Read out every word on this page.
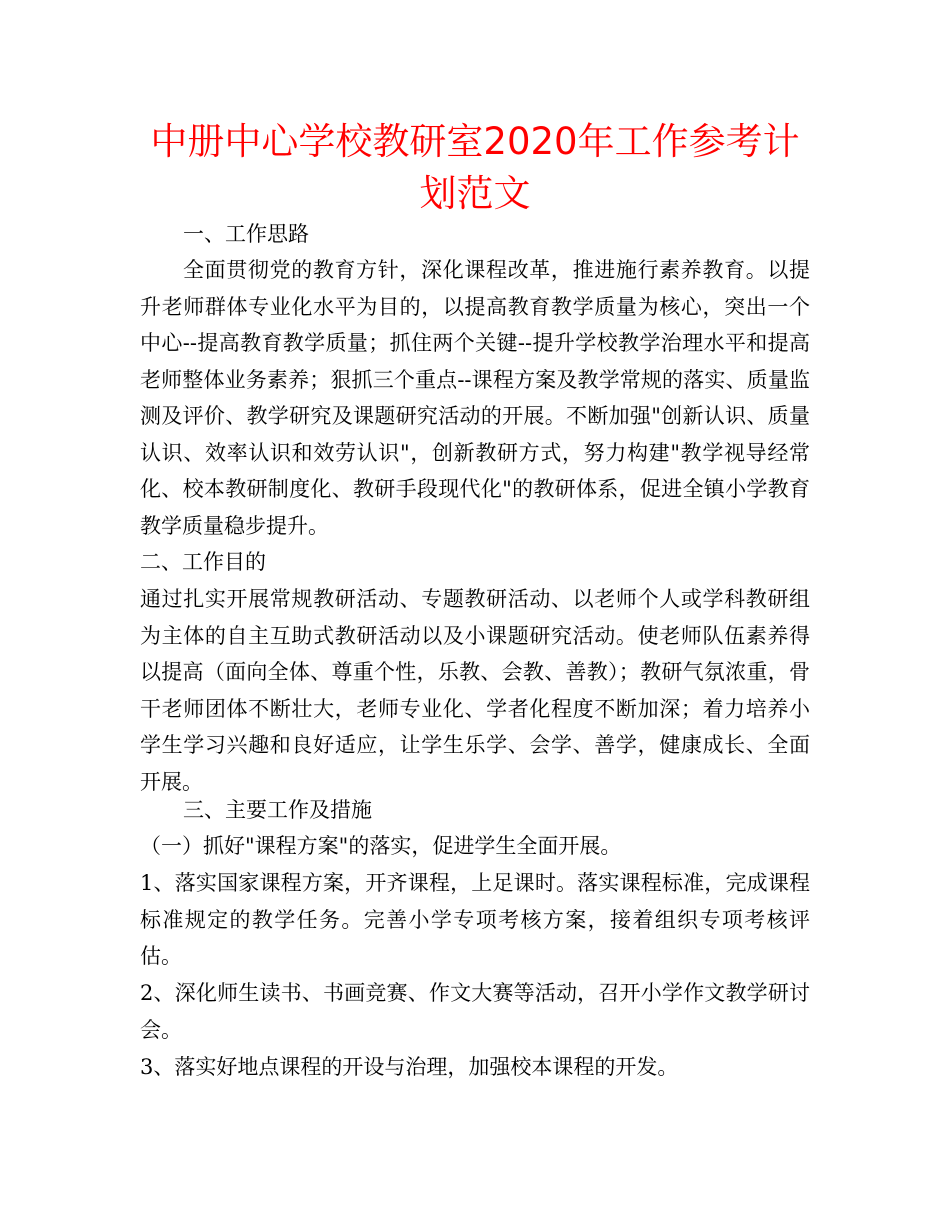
中册中心学校教研室2020年工作参考计划范文

一、工作思路

全面贯彻党的教育方针，深化课程改革，推进施行素养教育。以提升老师群体专业化水平为目的，以提高教育教学质量为核心，突出一个中心--提高教育教学质量；抓住两个关键--提升学校教学治理水平和提高老师整体业务素养；狠抓三个重点--课程方案及教学常规的落实、质量监测及评价、教学研究及课题研究活动的开展。不断加强"创新认识、质量认识、效率认识和效劳认识"，创新教研方式，努力构建"教学视导经常化、校本教研制度化、教研手段现代化"的教研体系，促进全镇小学教育教学质量稳步提升。

二、工作目的

通过扎实开展常规教研活动、专题教研活动、以老师个人或学科教研组为主体的自主互助式教研活动以及小课题研究活动。使老师队伍素养得以提高（面向全体、尊重个性，乐教、会教、善教）；教研气氛浓重，骨干老师团体不断壮大，老师专业化、学者化程度不断加深；着力培养小学生学习兴趣和良好适应，让学生乐学、会学、善学，健康成长、全面开展。

三、主要工作及措施

（一）抓好"课程方案"的落实，促进学生全面开展。

1、落实国家课程方案，开齐课程，上足课时。落实课程标准，完成课程标准规定的教学任务。完善小学专项考核方案，接着组织专项考核评估。

2、深化师生读书、书画竞赛、作文大赛等活动，召开小学作文教学研讨会。

3、落实好地点课程的开设与治理，加强校本课程的开发。
